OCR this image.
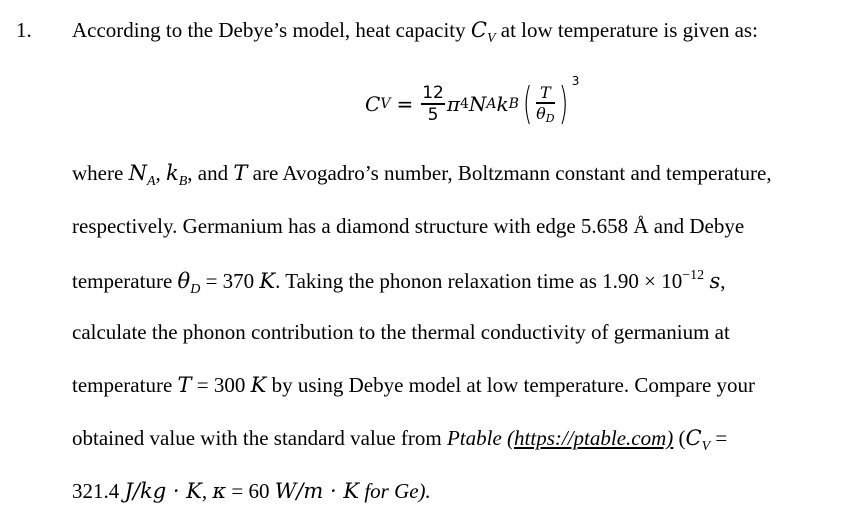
1. According to the Debye’s model, heat capacity $C_V$ at low temperature is given as:
C $V = \frac{12}{5}$ π 4 N A k B ( T
θD ) 3
where $N_A$, $k_B$, and T are Avogadro’s number, Boltzmann constant and temperature,
respectively. Germanium has a diamond structure with edge 5.658 Å and Debye
temperature $\theta_D = 370$ K. Taking the phonon relaxation time as $1.90 \times 10^{-12}$ s,
calculate the phonon contribution to the thermal conductivity of germanium at
temperature T = 300 K by using Debye model at low temperature. Compare your
obtained value with the standard value from Ptable (https://ptable.com) ($C_V$ =
321.4 J/kg · K, κ = 60 W/m · K for Ge).
